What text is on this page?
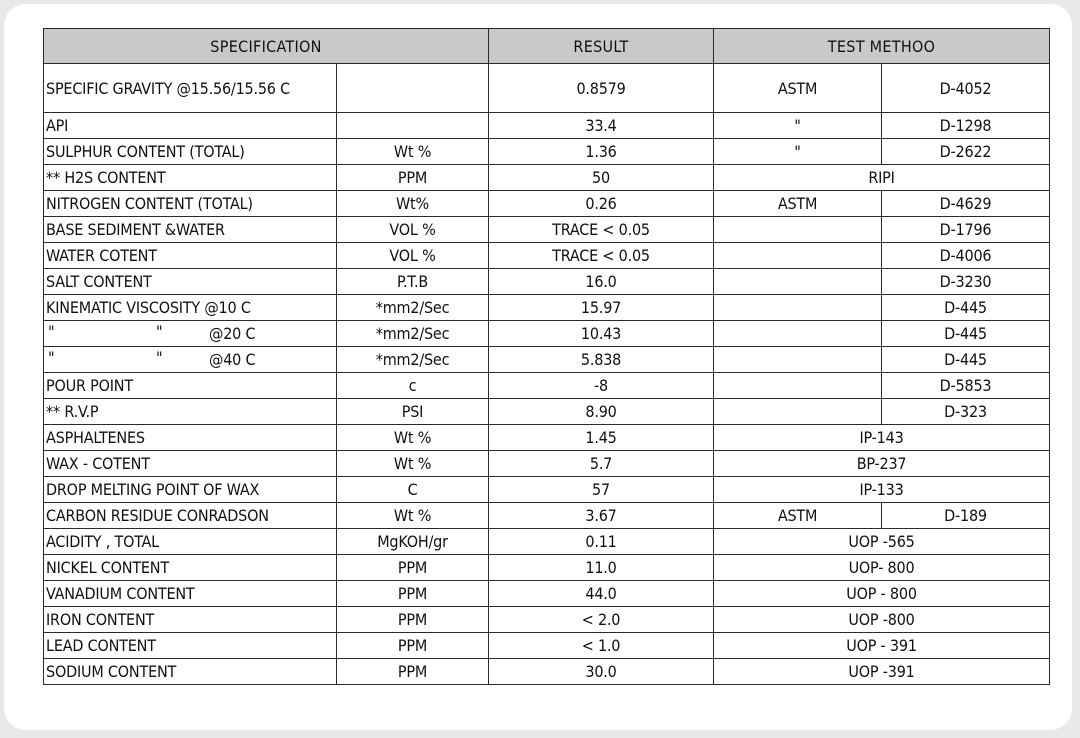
SPECIFICATION		RESULT	TEST METHOO	
SPECIFIC GRAVITY @15.56/15.56 C		0.8579	ASTM	D-4052
API		33.4	"	D-1298
SULPHUR CONTENT (TOTAL)	Wt %	1.36	"	D-2622
** H2S CONTENT	PPM	50	RIPI	
NITROGEN CONTENT (TOTAL)	Wt%	0.26	ASTM	D-4629
BASE SEDIMENT &WATER	VOL %	TRACE < 0.05		D-1796
WATER COTENT	VOL %	TRACE < 0.05		D-4006
SALT CONTENT	P.T.B	16.0		D-3230
KINEMATIC VISCOSITY @10 C	*mm2/Sec	15.97		D-445

" " @20 C	*mm2/Sec	10.43		D-445

" " @40 C	*mm2/Sec	5.838		D-445
POUR POINT	c	-8		D-5853
** R.V.P	PSI	8.90		D-323
ASPHALTENES	Wt %	1.45	IP-143	
WAX - COTENT	Wt %	5.7	BP-237	
DROP MELTING POINT OF WAX	C	57	IP-133	
CARBON RESIDUE CONRADSON	Wt %	3.67	ASTM	D-189
ACIDITY , TOTAL	MgKOH/gr	0.11	UOP -565	
NICKEL CONTENT	PPM	11.0	UOP- 800	
VANADIUM CONTENT	PPM	44.0	UOP - 800	
IRON CONTENT	PPM	< 2.0	UOP -800	
LEAD CONTENT	PPM	< 1.0	UOP - 391	
SODIUM CONTENT	PPM	30.0	UOP -391	
